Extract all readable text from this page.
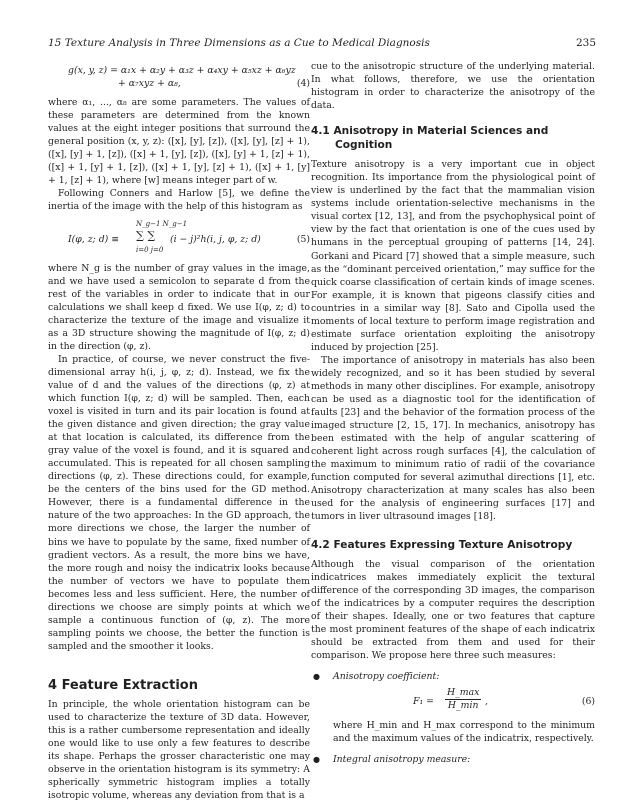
15 Texture Analysis in Three Dimensions as a Cue to Medical Diagnosis	235
g(x, y, z) = α₁x + α₂y + α₃z + α₄xy + α₅xz + α₆yz
+ α₇xyz + α₈,	(4)

where α₁, ..., α₈ are some parameters. The values of these parameters are determined from the known values at the eight integer positions that surround the general position (x, y, z): ([x], [y], [z]), ([x], [y], [z] + 1), ([x], [y] + 1, [z]), ([x] + 1, [y], [z]), ([x], [y] + 1, [z] + 1), ([x] + 1, [y] + 1, [z]), ([x] + 1, [y], [z] + 1), ([x] + 1, [y] + 1, [z] + 1), where [w] means integer part of w.

Following Conners and Harlow [5], we define the inertia of the image with the help of this histogram as

I(φ, z; d) ≡
N_g−1 N_g−1
∑ ∑
i=0 j=0
(i − j)²h(i, j, φ, z; d)	(5)

where N_g is the number of gray values in the image, and we have used a semicolon to separate d from the rest of the variables in order to indicate that in our calculations we shall keep d fixed. We use I(φ, z; d) to characterize the texture of the image and visualize it as a 3D structure showing the magnitude of I(φ, z; d) in the direction (φ, z).

In practice, of course, we never construct the five-dimensional array h(i, j, φ, z; d). Instead, we fix the value of d and the values of the directions (φ, z) at which function I(φ, z; d) will be sampled. Then, each voxel is visited in turn and its pair location is found at the given distance and given direction; the gray value at that location is calculated, its difference from the gray value of the voxel is found, and it is squared and accumulated. This is repeated for all chosen sampling directions (φ, z). These directions could, for example, be the centers of the bins used for the GD method. However, there is a fundamental difference in the nature of the two approaches: In the GD approach, the more directions we chose, the larger the number of bins we have to populate by the same, fixed number of gradient vectors. As a result, the more bins we have, the more rough and noisy the indicatrix looks because the number of vectors we have to populate them becomes less and less sufficient. Here, the number of directions we choose are simply points at which we sample a continuous function of (φ, z). The more sampling points we choose, the better the function is sampled and the smoother it looks.

4 Feature Extraction

In principle, the whole orientation histogram can be used to characterize the texture of 3D data. However, this is a rather cumbersome representation and ideally one would like to use only a few features to describe its shape. Perhaps the grosser characteristic one may observe in the orientation histogram is its symmetry: A spherically symmetric histogram implies a totally isotropic volume, whereas any deviation from that is a

cue to the anisotropic structure of the underlying material. In what follows, therefore, we use the orientation histogram in order to characterize the anisotropy of the data.

4.1 Anisotropy in Material Sciences and
Cognition

Texture anisotropy is a very important cue in object recognition. Its importance from the physiological point of view is underlined by the fact that the mammalian vision systems include orientation-selective mechanisms in the visual cortex [12, 13], and from the psychophysical point of view by the fact that orientation is one of the cues used by humans in the perceptual grouping of patterns [14, 24]. Gorkani and Picard [7] showed that a simple measure, such as the “dominant perceived orientation,” may suffice for the quick coarse classification of certain kinds of image scenes. For example, it is known that pigeons classify cities and countries in a similar way [8]. Sato and Cipolla used the moments of local texture to perform image registration and estimate surface orientation exploiting the anisotropy induced by projection [25].

The importance of anisotropy in materials has also been widely recognized, and so it has been studied by several methods in many other disciplines. For example, anisotropy can be used as a diagnostic tool for the identification of faults [23] and the behavior of the formation process of the imaged structure [2, 15, 17]. In mechanics, anisotropy has been estimated with the help of angular scattering of coherent light across rough surfaces [4], the calculation of the maximum to minimum ratio of radii of the covariance function computed for several azimuthal directions [1], etc. Anisotropy characterization at many scales has also been used for the analysis of engineering surfaces [17] and tumors in liver ultrasound images [18].

4.2 Features Expressing Texture Anisotropy

Although the visual comparison of the orientation indicatrices makes immediately explicit the textural difference of the corresponding 3D images, the comparison of the indicatrices by a computer requires the description of their shapes. Ideally, one or two features that capture the most prominent features of the shape of each indicatrix should be extracted from them and used for their comparison. We propose here three such measures:

● Anisotropy coefficient:
F₁ =
H_max
H_min ,	(6)

where H_min and H_max correspond to the minimum and the maximum values of the indicatrix, respectively.

● Integral anisotropy measure:
